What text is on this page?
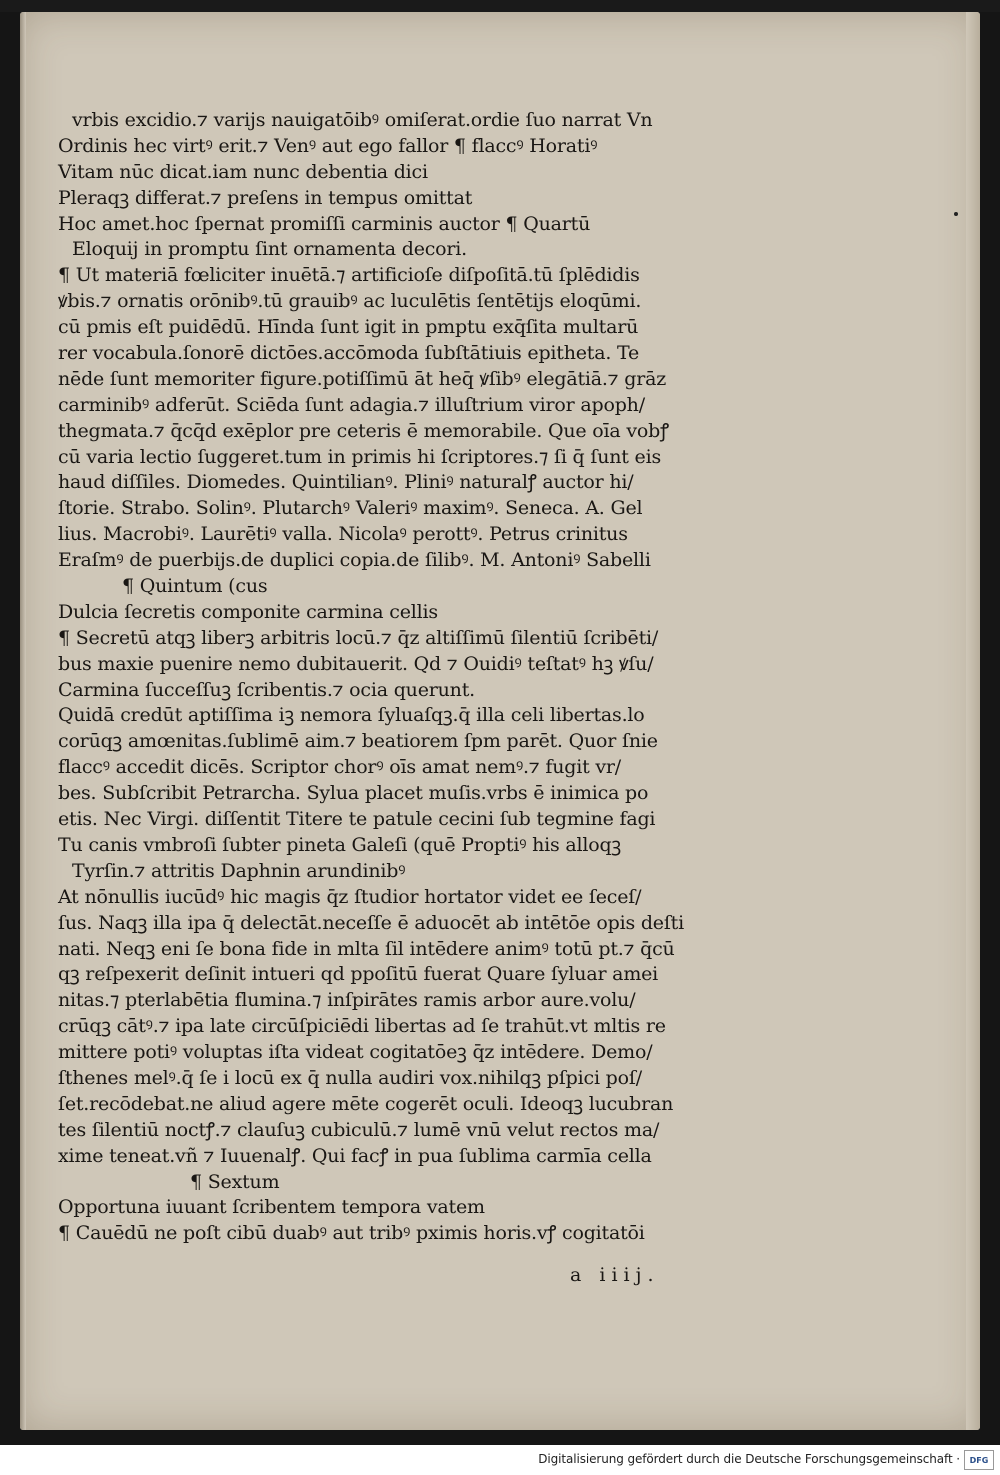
vrbis excidio.⁊ varijs nauigatōibꝰ omiſerat.ordie ſuo narrat Vn
Ordinis hec virtꝰ erit.⁊ Venꝰ aut ego fallor ¶ flaccꝰ Horatiꝰ
Vitam nūc dicat.iam nunc debentia dici
Pleraqꝫ differat.⁊ preſens in tempus omittat
Hoc amet.hoc ſpernat promiſſi carminis auctor ¶ Quartū
Eloquij in promptu ſint ornamenta decori.
¶ Ut materiā fœliciter inuētā.⁊ artificioſe diſpoſitā.tū ſplēdidis
ꝟbis.⁊ ornatis orōnibꝰ.tū grauibꝰ ac luculētis ſentētijs eloqūmi.
cū pmis eſt puidēdū. Hīnda ſunt igit in pmptu exq̄ſita multarū
rer vocabula.ſonorē dictōes.accōmoda ſubſtātiuis epitheta. Te
nēde ſunt memoriter figure.potiſſimū āt heq̄ ꝟſibꝰ elegātiā.⁊ grāz
carminibꝰ adferūt. Sciēda ſunt adagia.⁊ illuſtrium viror apoph/
thegmata.⁊ q̄cq̄d exēplor pre ceteris ē memorabile. Que oīa vobꝭ
cū varia lectio ſuggeret.tum in primis hi ſcriptores.⁊ ſi q̄ ſunt eis
haud diſſiles. Diomedes. Quintilianꝰ. Pliniꝰ naturalꝭ auctor hi/
ſtorie. Strabo. Solinꝰ. Plutarchꝰ Valeriꝰ maximꝰ. Seneca. A. Gel
lius. Macrobiꝰ. Laurētiꝰ valla. Nicolaꝰ perottꝰ. Petrus crinitus
Eraſmꝰ de puerbijs.de duplici copia.de ſilibꝰ. M. Antoniꝰ Sabelli
¶ Quintum (cus
Dulcia ſecretis componite carmina cellis
¶ Secretū atqꝫ liberꝫ arbitris locū.⁊ q̄z altiſſimū ſilentiū ſcribēti/
bus maxie puenire nemo dubitauerit. Qd ⁊ Ouidiꝰ teſtatꝰ hꝫ ꝟſu/
Carmina ſucceſſuꝫ ſcribentis.⁊ ocia querunt.
Quidā credūt aptiſſima iꝫ nemora ſyluaſqꝫ.q̄ illa celi libertas.lo
corūqꝫ amœnitas.ſublimē aim.⁊ beatiorem ſpm parēt. Quor ſnie
flaccꝰ accedit dicēs. Scriptor chorꝰ oīs amat nemꝰ.⁊ fugit vr/
bes. Subſcribit Petrarcha. Sylua placet muſis.vrbs ē inimica po
etis. Nec Virgi. diſſentit Titere te patule cecini ſub tegmine fagi
Tu canis vmbroſi ſubter pineta Galeſi (quē Proptiꝰ his alloqꝫ
Tyrſin.⁊ attritis Daphnin arundinibꝰ
At nōnullis iucūdꝰ hic magis q̄z ſtudior hortator videt ee ſeceſ/
ſus. Naqꝫ illa ipa q̄ delectāt.neceſſe ē aduocēt ab intētōe opis deſti
nati. Neqꝫ eni ſe bona fide in mlta ſil intēdere animꝰ totū pt.⁊ q̄cū
qꝫ reſpexerit deſinit intueri qd ppoſitū fuerat Quare ſyluar amei
nitas.⁊ pterlabētia flumina.⁊ inſpirātes ramis arbor aure.volu/
crūqꝫ cātꝰ.⁊ ipa late circūſpiciēdi libertas ad ſe trahūt.vt mltis re
mittere potiꝰ voluptas iſta videat cogitatōeꝫ q̄z intēdere. Demo/
ſthenes melꝰ.q̄ ſe i locū ex q̄ nulla audiri vox.nihilqꝫ pſpici poſ/
ſet.recōdebat.ne aliud agere mēte cogerēt oculi. Ideoqꝫ lucubran
tes ſilentiū noctꝭ.⁊ clauſuꝫ cubiculū.⁊ lumē vnū velut rectos ma/
xime teneat.vñ ⁊ Iuuenalꝭ. Qui facꝭ in pua ſublima carmīa cella
¶ Sextum
Opportuna iuuant ſcribentem tempora vatem
¶ Cauēdū ne poſt cibū duabꝰ aut tribꝰ pximis horis.vꝭ cogitatōi
a iiij.
Digitalisierung gefördert durch die Deutsche Forschungsgemeinschaft ·	DFG
